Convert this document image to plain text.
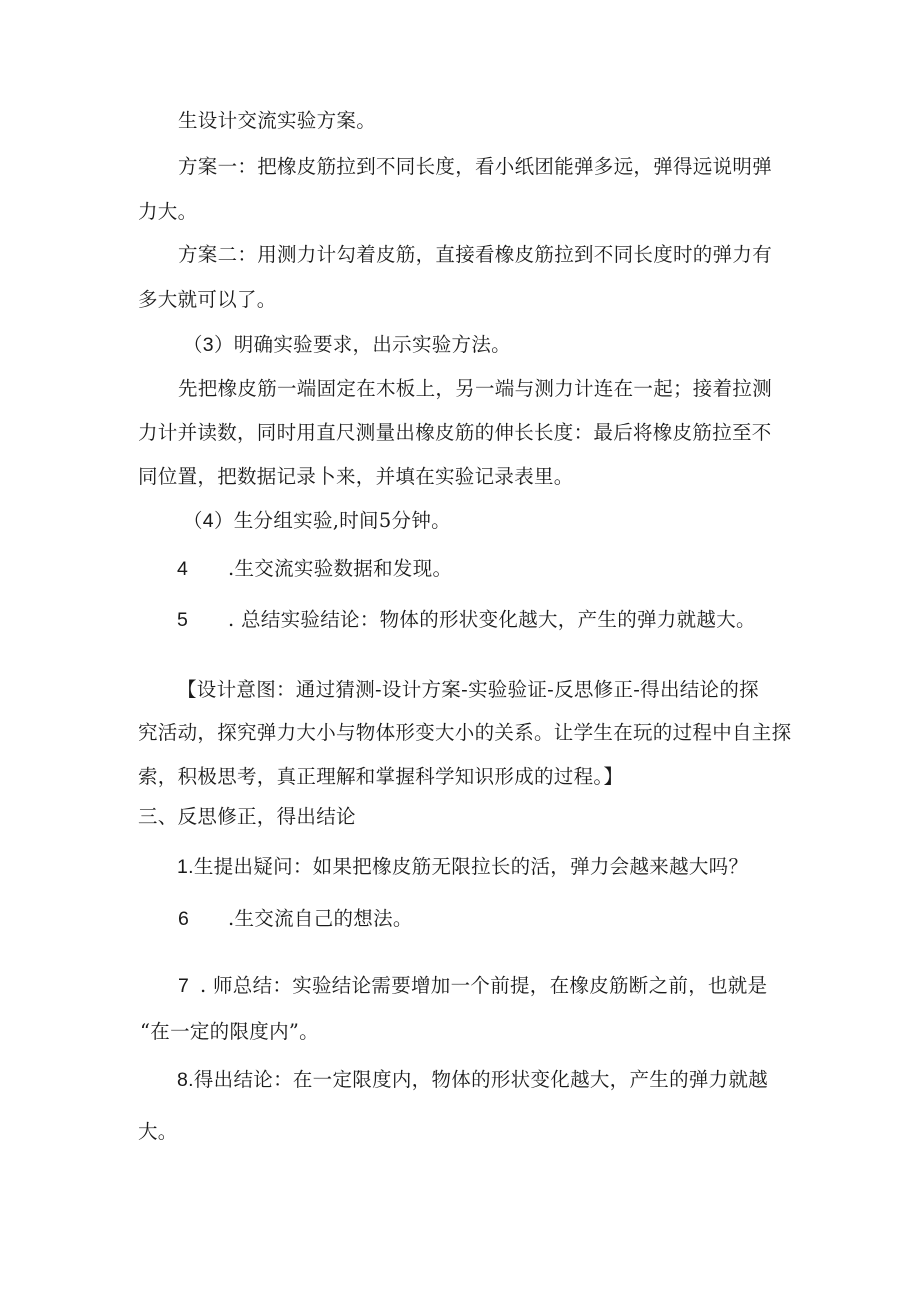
生设计交流实验方案。
方案一：把橡皮筋拉到不同长度，看小纸团能弹多远，弹得远说明弹
力大。
方案二：用测力计勾着皮筋，直接看橡皮筋拉到不同长度时的弹力有
多大就可以了。
（3）明确实验要求，出示实验方法。
先把橡皮筋一端固定在木板上，另一端与测力计连在一起；接着拉测
力计并读数，同时用直尺测量出橡皮筋的伸长长度：最后将橡皮筋拉至不
同位置，把数据记录卜来，并填在实验记录表里。
（4）生分组实验,时间5分钟。
4 .生交流实验数据和发现。
5 . 总结实验结论：物体的形状变化越大，产生的弹力就越大。
【设计意图：通过猜测-设计方案-实验验证-反思修正-得出结论的探
究活动，探究弹力大小与物体形变大小的关系。让学生在玩的过程中自主探
索，积极思考，真正理解和掌握科学知识形成的过程。】
三、反思修正，得出结论
1.生提出疑问：如果把橡皮筋无限拉长的活，弹力会越来越大吗？
6 .生交流自己的想法。
7 . 师总结：实验结论需要增加一个前提，在橡皮筋断之前，也就是
“在一定的限度内”。
8.得出结论：在一定限度内，物体的形状变化越大，产生的弹力就越
大。
